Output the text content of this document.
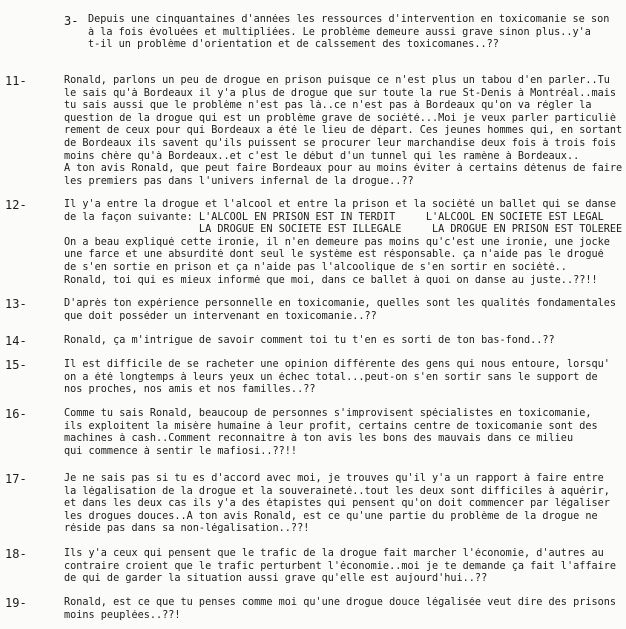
3- Depuis une cinquantaines d'années les ressources d'intervention en toxicomanie se son
à la fois évoluées et multipliées. Le problème demeure aussi grave sinon plus..y'a
t-il un problème d'orientation et de calssement des toxicomanes..??
11-	Ronald, parlons un peu de drogue en prison puisque ce n'est plus un tabou d'en parler..Tu
le sais qu'à Bordeaux il y'a plus de drogue que sur toute la rue St-Denis à Montréal..mais
tu sais aussi que le problème n'est pas là..ce n'est pas à Bordeaux qu'on va régler la
question de la drogue qui est un problème grave de société...Moi je veux parler particuliè
rement de ceux pour qui Bordeaux a été le lieu de départ. Ces jeunes hommes qui, en sortant
de Bordeaux ils savent qu'ils puissent se procurer leur marchandise deux fois à trois fois
moins chère qu'à Bordeaux..et c'est le début d'un tunnel qui les ramène à Bordeaux..
A ton avis Ronald, que peut faire Bordeaux pour au moins éviter à certains détenus de faire
les premiers pas dans l'univers infernal de la drogue..??
12-	Il y'a entre la drogue et l'alcool et entre la prison et la société un ballet qui se danse
de la façon suivante: L'ALCOOL EN PRISON EST IN TERDIT     L'ALCOOL EN SOCIETE EST LEGAL
LA DROGUE EN SOCIETE EST ILLEGALE     LA DROGUE EN PRISON EST TOLEREE
On a beau expliqué cette ironie, il n'en demeure pas moins qu'c'est une ironie, une jocke
une farce et une absurdité dont seul le système est résponsable. ça n'aide pas le drogué
de s'en sortie en prison et ça n'aide pas l'alcoolique de s'en sortir en société..
Ronald, toi qui es mieux informé que moi, dans ce ballet à quoi on danse au juste..??!!
13-	D'après ton expérience personnelle en toxicomanie, quelles sont les qualités fondamentales
que doit posséder un intervenant en toxicomanie..??
14-	Ronald, ça m'intrigue de savoir comment toi tu t'en es sorti de ton bas-fond..??
15-	Il est difficile de se racheter une opinion différente des gens qui nous entoure, lorsqu'
on a été longtemps à leurs yeux un échec total...peut-on s'en sortir sans le support de
nos proches, nos amis et nos familles..??
16-	Comme tu sais Ronald, beaucoup de personnes s'improvisent spécialistes en toxicomanie,
ils exploitent la misère humaine à leur profit, certains centre de toxicomanie sont des
machines à cash..Comment reconnaitre à ton avis les bons des mauvais dans ce milieu
qui commence à sentir le mafiosi..??!!
17-	Je ne sais pas si tu es d'accord avec moi, je trouves qu'il y'a un rapport à faire entre
la légalisation de la drogue et la souveraineté..tout les deux sont difficiles à aquérir,
et dans les deux cas ils y'a des étapistes qui pensent qu'on doit commencer par légaliser
les drogues douces..A ton avis Ronald, est ce qu'une partie du problème de la drogue ne
réside pas dans sa non-légalisation..??!
18-	Ils y'a ceux qui pensent que le trafic de la drogue fait marcher l'économie, d'autres au
contraire croient que le trafic perturbent l'économie..moi je te demande ça fait l'affaire
de qui de garder la situation aussi grave qu'elle est aujourd'hui..??
19-	Ronald, est ce que tu penses comme moi qu'une drogue douce légalisée veut dire des prisons
moins peuplées..??!
